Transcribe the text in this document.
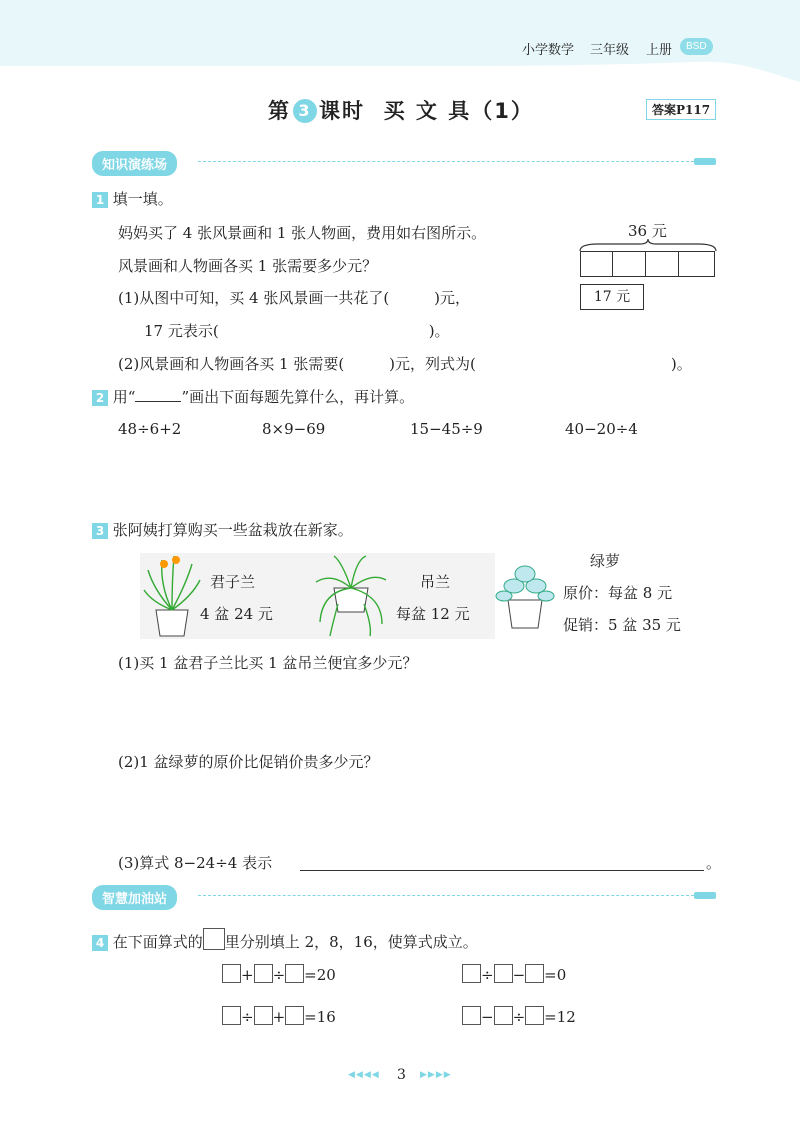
小学数学 三年级 上册	BSD
第 3 课时 买 文 具（1）	答案P117
知识演练场
1 填一填。
妈妈买了 4 张风景画和 1 张人物画，费用如右图所示。
风景画和人物画各买 1 张需要多少元？
(1)从图中可知，买 4 张风景画一共花了(　　　)元，
17 元表示(　　　　　　　　　　　　　　)。
(2)风景画和人物画各买 1 张需要(　　　)元，列式为(　　　　　　　　　　　　　)。
36 元
17 元
2 用“	”画出下面每题先算什么，再计算。
48÷6+2	8×9−69	15−45÷9	40−20÷4
3 张阿姨打算购买一些盆栽放在新家。
君子兰
4 盆 24 元
吊兰
每盆 12 元
绿萝
原价：每盆 8 元
促销：5 盆 35 元
(1)买 1 盆君子兰比买 1 盆吊兰便宜多少元？
(2)1 盆绿萝的原价比促销价贵多少元？
(3)算式 8−24÷4 表示	。
智慧加油站
4 在下面算式的 里分别填上 2，8，16，使算式成立。
+ ÷ =20	÷ − =0
÷ + =16	− ÷ =12
◀◀◀◀ 3 ▶▶▶▶
